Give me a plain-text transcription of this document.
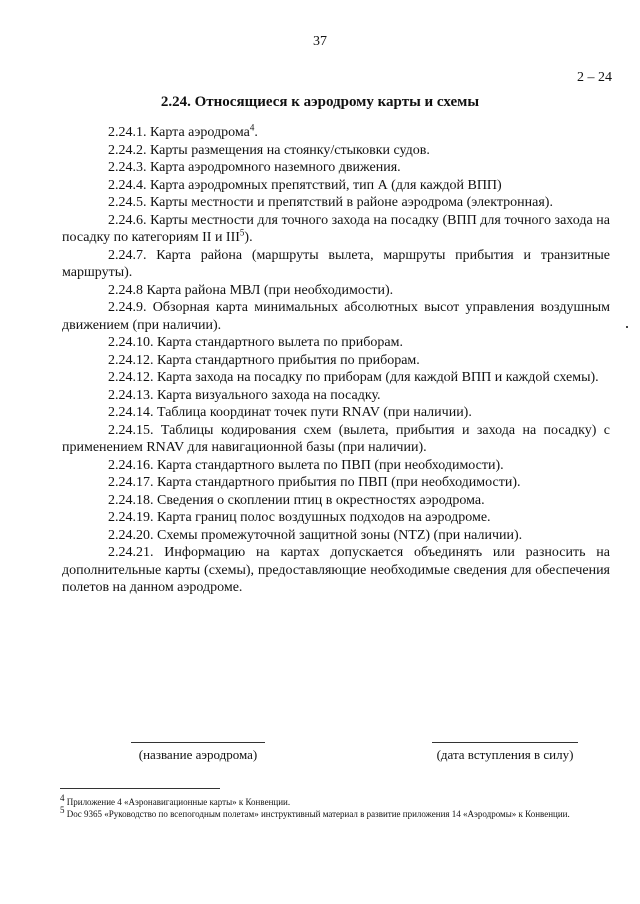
37
2 – 24
2.24. Относящиеся к аэродрому карты и схемы

2.24.1. Карта аэродрома$^4$.

2.24.2. Карты размещения на стоянку/стыковки судов.

2.24.3. Карта аэродромного наземного движения.

2.24.4. Карта аэродромных препятствий, тип А (для каждой ВПП)

2.24.5. Карты местности и препятствий в районе аэродрома (электронная).

2.24.6. Карты местности для точного захода на посадку (ВПП для точного захода на посадку по категориям II и III$^5$).

2.24.7. Карта района (маршруты вылета, маршруты прибытия и транзитные маршруты).

2.24.8 Карта района МВЛ (при необходимости).

2.24.9. Обзорная карта минимальных абсолютных высот управления воздушным движением (при наличии).

2.24.10. Карта стандартного вылета по приборам.

2.24.12. Карта стандартного прибытия по приборам.

2.24.12. Карта захода на посадку по приборам (для каждой ВПП и каждой схемы).

2.24.13. Карта визуального захода на посадку.

2.24.14. Таблица координат точек пути RNAV (при наличии).

2.24.15. Таблицы кодирования схем (вылета, прибытия и захода на посадку) с применением RNAV для навигационной базы (при наличии).

2.24.16. Карта стандартного вылета по ПВП (при необходимости).

2.24.17. Карта стандартного прибытия по ПВП (при необходимости).

2.24.18. Сведения о скоплении птиц в окрестностях аэродрома.

2.24.19. Карта границ полос воздушных подходов на аэродроме.

2.24.20. Схемы промежуточной защитной зоны (NTZ) (при наличии).

2.24.21. Информацию на картах допускается объединять или разносить на дополнительные карты (схемы), предоставляющие необходимые сведения для обеспечения полетов на данном аэродроме.

(название аэродрома)	(дата вступления в силу)
$^4$ Приложение 4 «Аэронавигационные карты» к Конвенции.
$^5$ Doc 9365 «Руководство по всепогодным полетам» инструктивный материал в развитие приложения 14 «Аэродромы» к Конвенции.
